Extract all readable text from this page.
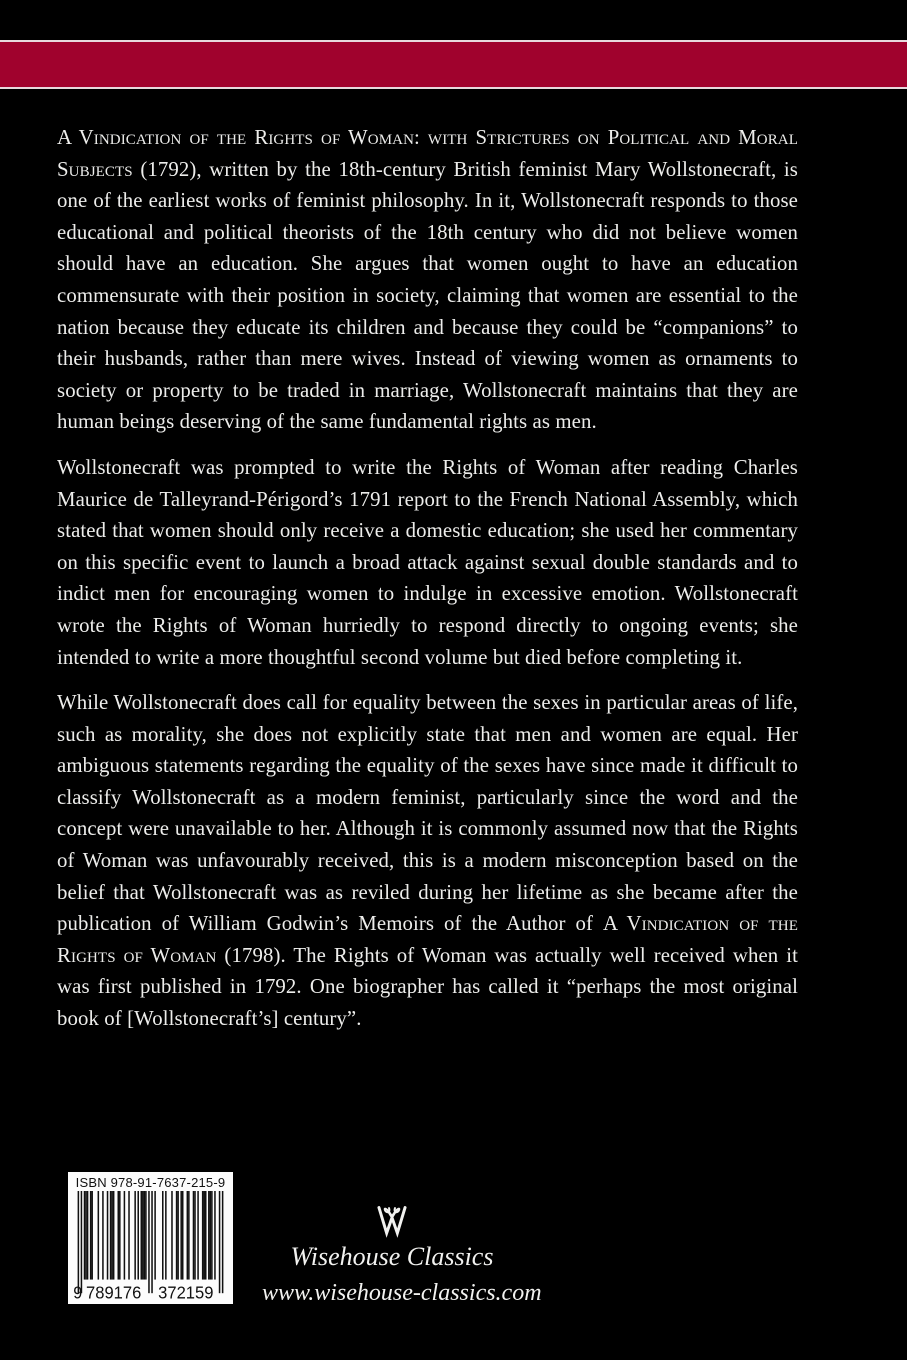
A Vindication of the Rights of Woman: with Strictures on Political and Moral Subjects (1792), written by the 18th-century British feminist Mary Wollstonecraft, is one of the earliest works of feminist philosophy. In it, Wollstonecraft responds to those educational and political theorists of the 18th century who did not believe women should have an education. She argues that women ought to have an education commensurate with their position in society, claiming that women are essential to the nation because they educate its children and because they could be “companions” to their husbands, rather than mere wives. Instead of viewing women as ornaments to society or property to be traded in marriage, Wollstonecraft maintains that they are human beings deserving of the same fundamental rights as men.

Wollstonecraft was prompted to write the Rights of Woman after reading Charles Maurice de Talleyrand-Périgord’s 1791 report to the French National Assembly, which stated that women should only receive a domestic education; she used her commentary on this specific event to launch a broad attack against sexual double standards and to indict men for encouraging women to indulge in excessive emotion. Wollstonecraft wrote the Rights of Woman hurriedly to respond directly to ongoing events; she intended to write a more thoughtful second volume but died before completing it.

While Wollstonecraft does call for equality between the sexes in particular areas of life, such as morality, she does not explicitly state that men and women are equal. Her ambiguous statements regarding the equality of the sexes have since made it difficult to classify Wollstonecraft as a modern feminist, particularly since the word and the concept were unavailable to her. Although it is commonly assumed now that the Rights of Woman was unfavourably received, this is a modern misconception based on the belief that Wollstonecraft was as reviled during her lifetime as she became after the publication of William Godwin’s Memoirs of the Author of A Vindication of the Rights of Woman (1798). The Rights of Woman was actually well received when it was first published in 1792. One biographer has called it “perhaps the most original book of [Wollstonecraft’s] century”.

ISBN 978-91-7637-215-9
9 789176 372159
Wisehouse Classics
www.wisehouse-classics.com
